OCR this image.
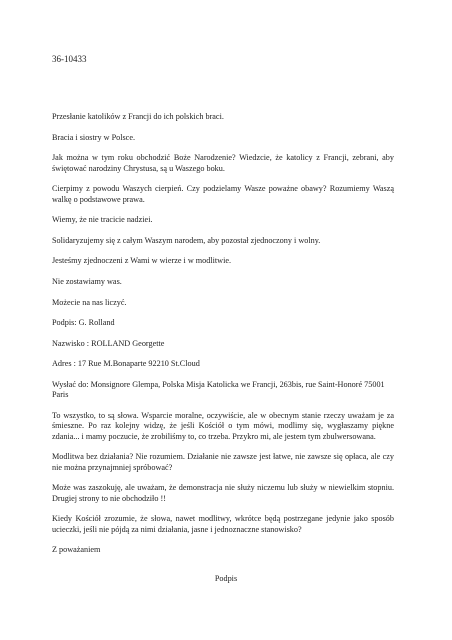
36-10433

Przesłanie katolików z Francji do ich polskich braci.

Bracia i siostry w Polsce.

Jak można w tym roku obchodzić Boże Narodzenie? Wiedzcie, że katolicy z Francji, zebrani, aby świętować narodziny Chrystusa, są u Waszego boku.

Cierpimy z powodu Waszych cierpień. Czy podzielamy Wasze poważne obawy? Rozumiemy Waszą walkę o podstawowe prawa.

Wiemy, że nie tracicie nadziei.

Solidaryzujemy się z całym Waszym narodem, aby pozostał zjednoczony i wolny.

Jesteśmy zjednoczeni z Wami w wierze i w modlitwie.

Nie zostawiamy was.

Możecie na nas liczyć.

Podpis: G. Rolland

Nazwisko : ROLLAND Georgette

Adres : 17 Rue M.Bonaparte 92210 St.Cloud

Wysłać do: Monsignore Glempa, Polska Misja Katolicka we Francji, 263bis, rue Saint-Honoré 75001 Paris

To wszystko, to są słowa. Wsparcie moralne, oczywiście, ale w obecnym stanie rzeczy uważam je za śmieszne. Po raz kolejny widzę, że jeśli Kościół o tym mówi, modlimy się, wygłaszamy piękne zdania... i mamy poczucie, że zrobiliśmy to, co trzeba. Przykro mi, ale jestem tym zbulwersowana.

Modlitwa bez działania? Nie rozumiem. Działanie nie zawsze jest łatwe, nie zawsze się opłaca, ale czy nie można przynajmniej spróbować?

Może was zaszokuję, ale uważam, że demonstracja nie służy niczemu lub służy w niewielkim stopniu. Drugiej strony to nie obchodziło !!

Kiedy Kościół zrozumie, że słowa, nawet modlitwy, wkrótce będą postrzegane jedynie jako sposób ucieczki, jeśli nie pójdą za nimi działania, jasne i jednoznaczne stanowisko?

Z poważaniem

Podpis
